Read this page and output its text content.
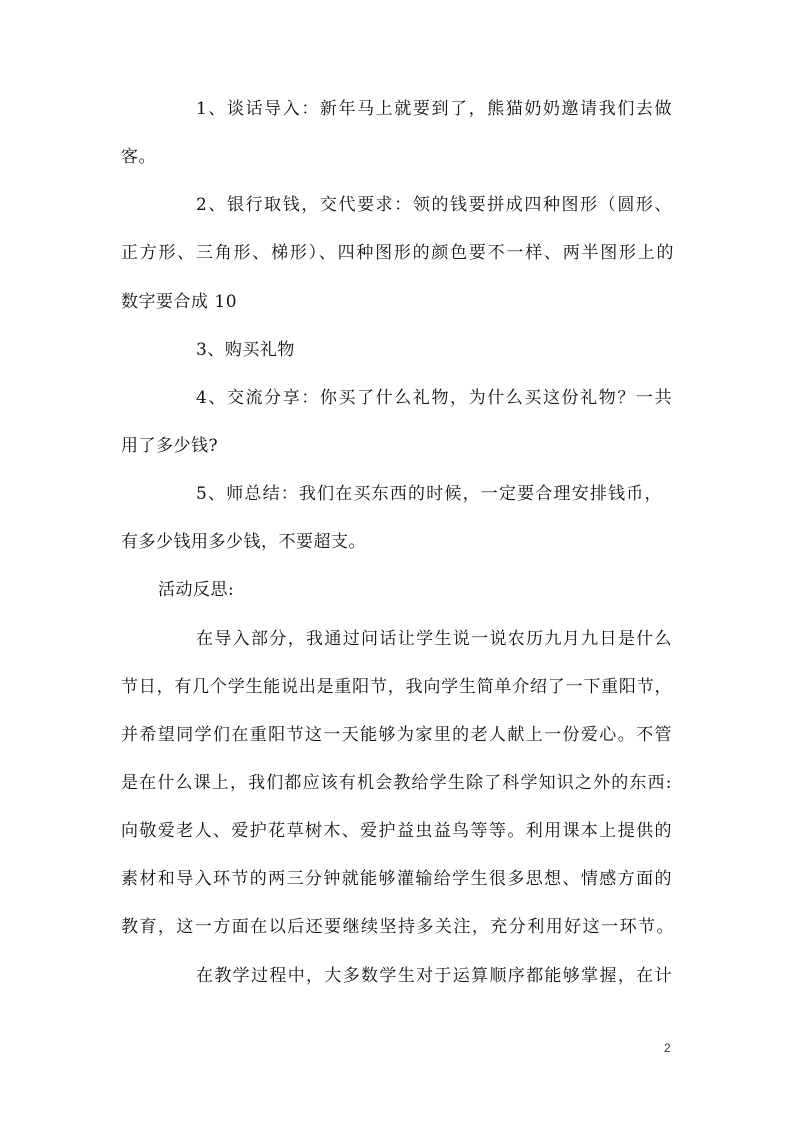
1、谈话导入：新年马上就要到了，熊猫奶奶邀请我们去做
客。
2、银行取钱，交代要求：领的钱要拼成四种图形（圆形、
正方形、三角形、梯形）、四种图形的颜色要不一样、两半图形上的
数字要合成 10
3、购买礼物
4、交流分享：你买了什么礼物，为什么买这份礼物？一共
用了多少钱?
5、师总结：我们在买东西的时候，一定要合理安排钱币，
有多少钱用多少钱，不要超支。
活动反思:
在导入部分，我通过问话让学生说一说农历九月九日是什么
节日，有几个学生能说出是重阳节，我向学生简单介绍了一下重阳节，
并希望同学们在重阳节这一天能够为家里的老人献上一份爱心。不管
是在什么课上，我们都应该有机会教给学生除了科学知识之外的东西:
向敬爱老人、爱护花草树木、爱护益虫益鸟等等。利用课本上提供的
素材和导入环节的两三分钟就能够灌输给学生很多思想、情感方面的
教育，这一方面在以后还要继续坚持多关注，充分利用好这一环节。
在教学过程中，大多数学生对于运算顺序都能够掌握，在计
2
